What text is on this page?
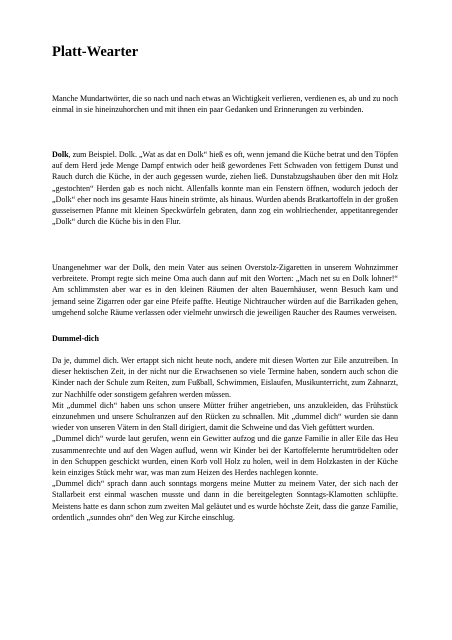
Platt-Wearter

Manche Mundartwörter, die so nach und nach etwas an Wichtigkeit verlieren, verdienen es, ab und zu noch einmal in sie hineinzuhorchen und mit ihnen ein paar Gedanken und Erinnerungen zu verbinden.

Dolk, zum Beispiel. Dolk. „Wat as dat en Dolk“ hieß es oft, wenn jemand die Küche betrat und den Töpfen auf dem Herd jede Menge Dampf entwich oder heiß gewordenes Fett Schwaden von fettigem Dunst und Rauch durch die Küche, in der auch gegessen wurde, ziehen ließ. Dunstabzugshauben über den mit Holz „gestochten“ Herden gab es noch nicht. Allenfalls konnte man ein Fenstern öffnen, wodurch jedoch der „Dolk“ eher noch ins gesamte Haus hinein strömte, als hinaus. Wurden abends Bratkartoffeln in der großen gusseisernen Pfanne mit kleinen Speckwürfeln gebraten, dann zog ein wohlriechender, appetitanregender „Dolk“ durch die Küche bis in den Flur.

Unangenehmer war der Dolk, den mein Vater aus seinen Overstolz-Zigaretten in unserem Wohnzimmer verbreitete. Prompt regte sich meine Oma auch dann auf mit den Worten: „Mach net su en Dolk lohner!“ Am schlimmsten aber war es in den kleinen Räumen der alten Bauernhäuser, wenn Besuch kam und jemand seine Zigarren oder gar eine Pfeife paffte. Heutige Nichtraucher würden auf die Barrikaden gehen, umgehend solche Räume verlassen oder vielmehr unwirsch die jeweiligen Raucher des Raumes verweisen.

Dummel-dich

Da je, dummel dich. Wer ertappt sich nicht heute noch, andere mit diesen Worten zur Eile anzutreiben. In dieser hektischen Zeit, in der nicht nur die Erwachsenen so viele Termine haben, sondern auch schon die Kinder nach der Schule zum Reiten, zum Fußball, Schwimmen, Eislaufen, Musikunterricht, zum Zahnarzt, zur Nachhilfe oder sonstigem gefahren werden müssen.

Mit „dummel dich“ haben uns schon unsere Mütter früher angetrieben, uns anzukleiden, das Frühstück einzunehmen und unsere Schulranzen auf den Rücken zu schnallen. Mit „dummel dich“ wurden sie dann wieder von unseren Vätern in den Stall dirigiert, damit die Schweine und das Vieh gefüttert wurden.

„Dummel dich“ wurde laut gerufen, wenn ein Gewitter aufzog und die ganze Familie in aller Eile das Heu zusammenrechte und auf den Wagen auflud, wenn wir Kinder bei der Kartoffelernte herumtrödelten oder in den Schuppen geschickt wurden, einen Korb voll Holz zu holen, weil in dem Holzkasten in der Küche kein einziges Stück mehr war, was man zum Heizen des Herdes nachlegen konnte.

„Dummel dich“ sprach dann auch sonntags morgens meine Mutter zu meinem Vater, der sich nach der Stallarbeit erst einmal waschen musste und dann in die bereitgelegten Sonntags-Klamotten schlüpfte. Meistens hatte es dann schon zum zweiten Mal geläutet und es wurde höchste Zeit, dass die ganze Familie, ordentlich „sunndes ohn“ den Weg zur Kirche einschlug.
